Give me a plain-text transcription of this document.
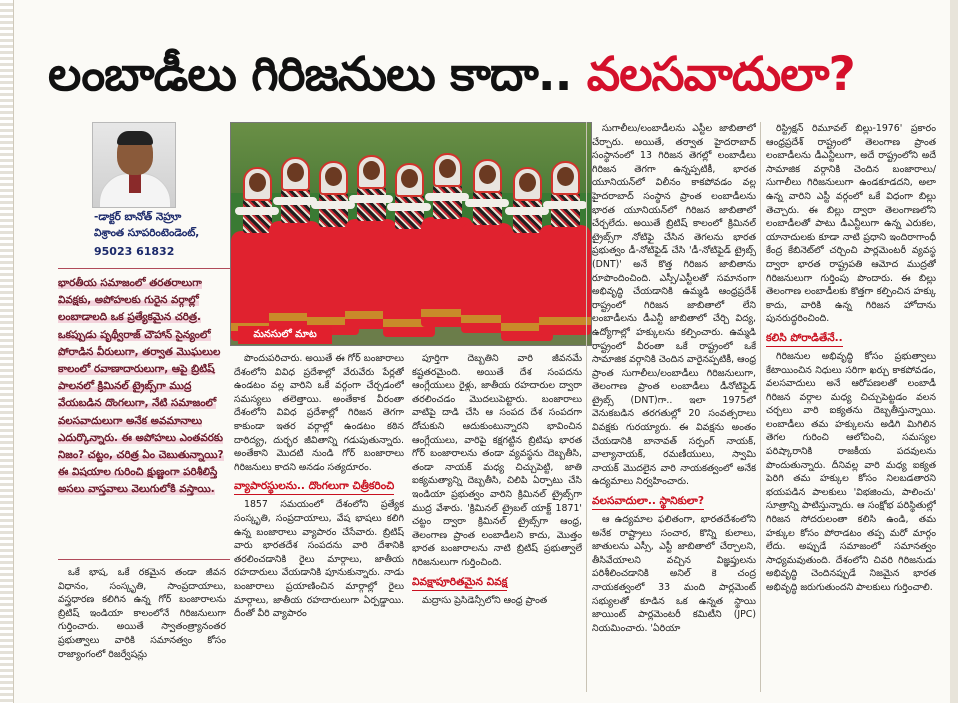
లంబాడీలు గిరిజనులు కాదా.. వలసవాదులా?
-డాక్టర్ బానోత్ నెహ్రూ
విశ్రాంత సూపరింటెండెంట్,
95023 61832
భారతీయ సమాజంలో తరతరాలుగా వివక్షకు, అపోహలకు గురైన వర్గాల్లో లంబాడాలది ఒక ప్రత్యేకమైన చరిత్ర. ఒకప్పుడు పృథ్వీరాజ్ చౌహాన్ సైన్యంలో పోరాడిన వీరులుగా, తర్వాత మొఘలుల కాలంలో రవాణాదారులుగా, ఆపై బ్రిటిష్ పాలనలో క్రిమినల్ ట్రైబ్స్‌గా ముద్ర వేయబడిన దొంగలుగా, నేటి సమాజంలో వలసవాదులుగా అనేక అవమానాలు ఎదుర్కొన్నారు. ఈ అపోహలు ఎంతవరకు నిజం? చట్టం, చరిత్ర ఏం చెబుతున్నాయి? ఈ విషయాల గురించి క్షుణ్ణంగా పరిశీలిస్తే అసలు వాస్తవాలు వెలుగులోకి వస్తాయి.
మనసులో మాట

ఒకే భాష, ఒకే రకమైన తండా జీవన విధానం, సంస్కృతి, సాంప్రదాయాలు, వస్త్రధారణ కలిగిన ఉన్న గోర్ బంజారాలను బ్రిటిష్ ఇండియా కాలంలోనే గిరిజనులుగా గుర్తించారు. అయితే స్వాతంత్ర్యానంతర ప్రభుత్వాలు వారికి సమానత్వం కోసం రాజ్యాంగంలో రిజర్వేషన్లు

పొందుపరిచారు. అయితే ఈ గోర్ బంజారాలు దేశంలోని వివిధ ప్రదేశాల్లో వేరువేరు పేర్లతో ఉండటం వల్ల వారిని ఒకే వర్గంగా చేర్చడంలో సమస్యలు తలెత్తాయి. అంతేకాక వీరంతా దేశంలోని వివిధ ప్రదేశాల్లో గిరిజన తెగగా కాకుండా ఇతర వర్గాల్లో ఉండటం కఠిన దారిద్య్ర, దుర్భర జీవితాన్ని గడుపుతున్నారు. అంతేకాని మొదటి నుండి గోర్ బంజారాలు గిరిజనులు కాదని అనడం సత్యదూరం.

వ్యాపారస్థులను.. దొంగలుగా చిత్రీకరించి

1857 సమయంలో దేశంలోని ప్రత్యేక సంస్కృతి, సంప్రదాయాలు, వేష భాషలు కలిగి ఉన్న బంజారాలు వ్యాపారం చేసేవారు. బ్రిటిష్ వారు భారతదేశ సంపదను వారి దేశానికి తరలించడానికి రైలు మార్గాలు, జాతీయ రహదారులు వేయడానికి పూనుకున్నారు. నాడు బంజారాలు ప్రయాణించిన మార్గాల్లో రైలు మార్గాలు, జాతీయ రహదారులుగా ఏర్పడ్డాయి. దీంతో వీరి వ్యాపారం

పూర్తిగా దెబ్బతిని వారి జీవనమే కష్టతరమైంది. అయితే దేశ సంపదను ఆంగ్లేయులు రైళ్లు, జాతీయ రహదారుల ద్వారా తరలించడం మొదలుపెట్టారు. బంజారాలు వాటిపై దాడి చేసి ఆ సంపద దేశ సంపదగా దోచుకుని ఆదుకుంటున్నారని భావించిన ఆంగ్లేయులు, వారిపై కక్షగట్టిన బ్రిటిషు భారత గోర్ బంజారాలను తండా వ్యవస్థను దెబ్బతీసి, తండా నాయక్ మధ్య చిచ్చుపెట్టి, జాతి ఐక్యమత్యాన్ని దెబ్బతీసి, చిలిపి ఏర్పాటు చేసి ఇండియా ప్రభుత్వం వారిని క్రిమినల్ ట్రైబ్స్‌గా ముద్ర వేశారు. 'క్రిమినల్ ట్రైబల్ యాక్ట్ 1871' చట్టం ద్వారా క్రిమినల్ ట్రైబ్స్‌గా ఆంధ్ర, తెలంగాణ ప్రాంత లంబాడీలని కాదు, మొత్తం భారత బంజారాలను నాటి బ్రిటిష్ ప్రభుత్వాలే గిరిజనులుగా గుర్తించింది.

వివక్షాపూరితమైన వివక్ష

మద్రాసు ప్రెసిడెన్సీలోని ఆంధ్ర ప్రాంత

సుగాలీలు/లంబాడీలను ఎస్టీల జాబితాలో చేర్చారు. అయితే, తర్వాత హైదరాబాద్ సంస్థానంలో 13 గిరిజన తెగల్లో లంబాడీలు గిరిజన తెగగా ఉన్నప్పటికీ, భారత యూనియన్‌లో విలీనం కాకపోవడం వల్ల హైదరాబాద్ సంస్థాన ప్రాంత లంబాడీలను భారత యూనియన్‌లో గిరిజన జాబితాలో చేర్చలేదు. అయితే బ్రిటిష్ కాలంలో క్రిమినల్ ట్రైబ్స్‌గా నోటిఫై చేసిన తెగలను భారత ప్రభుత్వం డీ-నోటిఫైడ్ చేసి 'డీ-నోటిఫైడ్ ట్రైబ్స్ (DNT)' అనే కొత్త గిరిజన జాబితాను రూపొందించింది. ఎస్సీ/ఎస్టీలతో సమానంగా అభివృద్ధి చేయడానికి ఉమ్మడి ఆంధ్రప్రదేశ్ రాష్ట్రంలో గిరిజన జాబితాలో లేని లంబాడీలను డీఎన్టీ జాబితాలో చేర్చి విద్య, ఉద్యోగాల్లో హక్కులను కల్పించారు. ఉమ్మడి రాష్ట్రంలో వీరంతా ఒకే రాష్ట్రంలో ఒకే సామాజిక వర్గానికి చెందిన వారైనప్పటికీ, ఆంధ్ర ప్రాంత సుగాలీలు/లంబాడీలు గిరిజనులుగా, తెలంగాణ ప్రాంత లంబాడీలు డీనోటిఫైడ్ ట్రైబ్స్ (DNT)గా.. ఇలా 1975లో వెనుకబడిన తరగతుల్లో 20 సంవత్సరాలు వివక్షకు గురయ్యారు. ఈ వివక్షను అంతం చేయడానికి బానావత్ సర్పంగ్ నాయక్, వాల్యానాయక్, రమణీయులు, స్వామి నాయక్ మొదలైన వారి నాయకత్వంలో అనేక ఉద్యమాలు నిర్వహించారు.

వలసవాదులా.. స్థానికులా?

ఆ ఉద్యమాల ఫలితంగా, భారతదేశంలోని అనేక రాష్ట్రాలు సంచార, కొన్ని కులాలు, జాతులను ఎస్సీ, ఎస్టీ జాబితాలో చేర్చాలని, తీసివేయాలని వచ్చిన విజ్ఞప్తులను పరిశీలించడానికి అనిల్ కె చంద్ర నాయకత్వంలో 33 మంది పార్లమెంట్ సభ్యులతో కూడిన ఒక ఉన్నత స్థాయి జాయింట్ పార్లమెంటరీ కమిటీని (JPC) నియమించారు. 'ఏరియా

రిస్ట్రిక్షన్ రిమూవల్ బిల్లు-1976' ప్రకారం ఆంధ్రప్రదేశ్ రాష్ట్రంలో తెలంగాణ ప్రాంత లంబాడీలను డీఎన్టీలుగా, అదే రాష్ట్రంలోని అదే సామాజిక వర్గానికి చెందిన బంజారాలు/సుగాలీలు గిరిజనులుగా ఉండకూడదని, అలా ఉన్న వారిని ఎస్టీ వర్గంలో ఒకే విధంగా బిల్లు తెచ్చారు. ఈ బిల్లు ద్వారా తెలంగాణలోని లంబాడీలతో పాటు డీఎన్టీలుగా ఉన్న ఎరుకల, యానాదులకు కూడా నాటి ప్రధాని ఇందిరాగాంధీ కేంద్ర కేబినెట్‌లో చర్చించి పార్లమెంటరీ వ్యవస్థ ద్వారా భారత రాష్ట్రపతి ఆమోద ముద్రతో గిరిజనులుగా గుర్తింపు పొందారు. ఈ బిల్లు తెలంగాణ లంబాడీలకు కొత్తగా కల్పించిన హక్కు కాదు, వారికి ఉన్న గిరిజన హోదాను పునరుద్ధరించింది.

కలిసి పోరాడితేనే..

గిరిజనుల అభివృద్ధి కోసం ప్రభుత్వాలు కేటాయించిన నిధులు సరిగా ఖర్చు కాకపోవడం, వలసవాదులు అనే ఆరోపణలతో లంబాడీ గిరిజన వర్గాల మధ్య చిచ్చుపెట్టడం వలన చర్చలు వారి ఐక్యతను దెబ్బతీస్తున్నాయి. లంబాడీలు తమ హక్కులను అడిగి మిగిలిన తెగల గురించి ఆలోచించి, సమస్యల పరిష్కారానికి రాజకీయ పదవులను పొందుతున్నారు. దీనివల్ల వారి మధ్య ఐక్యత పెరిగి తమ హక్కుల కోసం నిలబడతారని భయపడిన పాలకులు 'విభజించు, పాలించు' సూత్రాన్ని పాటిస్తున్నారు. ఆ సంక్షోభ పరిస్థితుల్లో గిరిజన సోదరులంతా కలిసి ఉండి, తమ హక్కుల కోసం పోరాడటం తప్ప మరో మార్గం లేదు. అప్పుడే సమాజంలో సమానత్వం సాధ్యమవుతుంది. దేశంలోని చివరి గిరిజనుడు అభివృద్ధి చెందినప్పుడే నిజమైన భారత అభివృద్ధి జరుగుతుందని పాలకులు గుర్తించాలి.
